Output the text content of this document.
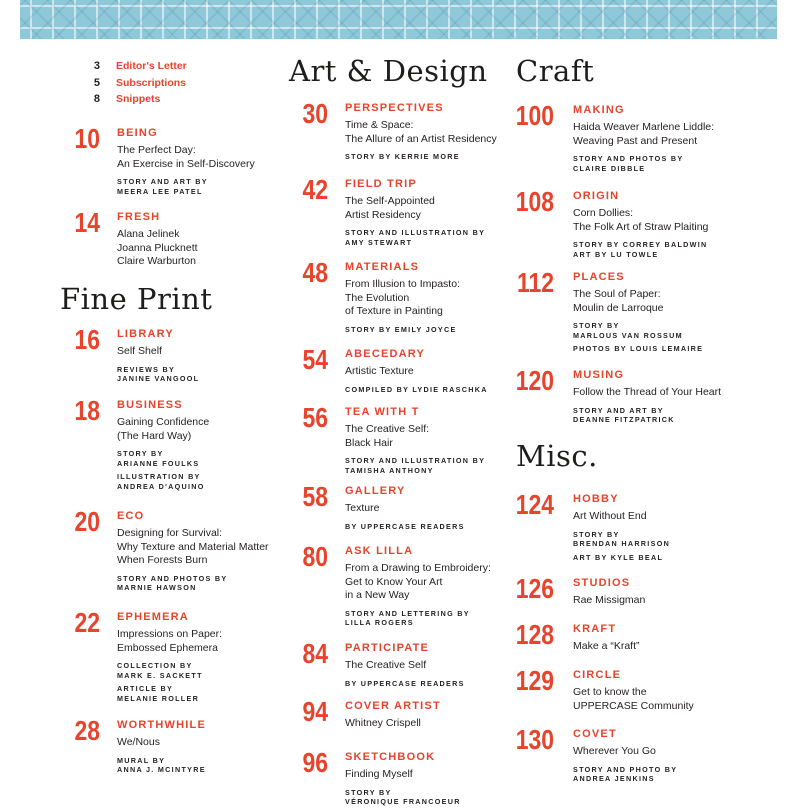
3 Editor's Letter
5 Subscriptions
8 Snippets
Fine Print
10 BEING
The Perfect Day:
An Exercise in Self-Discovery
STORY AND ART BY
MEERA LEE PATEL
14 FRESH
Alana Jelinek
Joanna Plucknett
Claire Warburton
16 LIBRARY
Self Shelf
REVIEWS BY
JANINE VANGOOL
18 BUSINESS
Gaining Confidence
(The Hard Way)
STORY BY
ARIANNE FOULKS
ILLUSTRATION BY
ANDREA D'AQUINO
20 ECO
Designing for Survival:
Why Texture and Material Matter
When Forests Burn
STORY AND PHOTOS BY
MARNIE HAWSON
22 EPHEMERA
Impressions on Paper:
Embossed Ephemera
COLLECTION BY
MARK E. SACKETT
ARTICLE BY
MELANIE ROLLER
28 WORTHWHILE
We/Nous
MURAL BY
ANNA J. MCINTYRE
Art & Design
30 PERSPECTIVES
Time & Space:
The Allure of an Artist Residency
STORY BY KERRIE MORE
42 FIELD TRIP
The Self-Appointed
Artist Residency
STORY AND ILLUSTRATION BY
AMY STEWART
48 MATERIALS
From Illusion to Impasto:
The Evolution
of Texture in Painting
STORY BY EMILY JOYCE
54 ABECEDARY
Artistic Texture
COMPILED BY LYDIE RASCHKA
56 TEA WITH T
The Creative Self:
Black Hair
STORY AND ILLUSTRATION BY
TAMISHA ANTHONY
58 GALLERY
Texture
BY UPPERCASE READERS
80 ASK LILLA
From a Drawing to Embroidery:
Get to Know Your Art
in a New Way
STORY AND LETTERING BY
LILLA ROGERS
84 PARTICIPATE
The Creative Self
BY UPPERCASE READERS
94 COVER ARTIST
Whitney Crispell
96 SKETCHBOOK
Finding Myself
STORY BY
VÉRONIQUE FRANCOEUR
Craft
Misc.
100 MAKING
Haida Weaver Marlene Liddle:
Weaving Past and Present
STORY AND PHOTOS BY
CLAIRE DIBBLE
108 ORIGIN
Corn Dollies:
The Folk Art of Straw Plaiting
STORY BY CORREY BALDWIN
ART BY LU TOWLE
112 PLACES
The Soul of Paper:
Moulin de Larroque
STORY BY
MARLOUS VAN ROSSUM
PHOTOS BY LOUIS LEMAIRE
120 MUSING
Follow the Thread of Your Heart
STORY AND ART BY
DEANNE FITZPATRICK
124 HOBBY
Art Without End
STORY BY
BRENDAN HARRISON
ART BY KYLE BEAL
126 STUDIOS
Rae Missigman
128 KRAFT
Make a “Kraft”
129 CIRCLE
Get to know the
UPPERCASE Community
130 COVET
Wherever You Go
STORY AND PHOTO BY
ANDREA JENKINS
